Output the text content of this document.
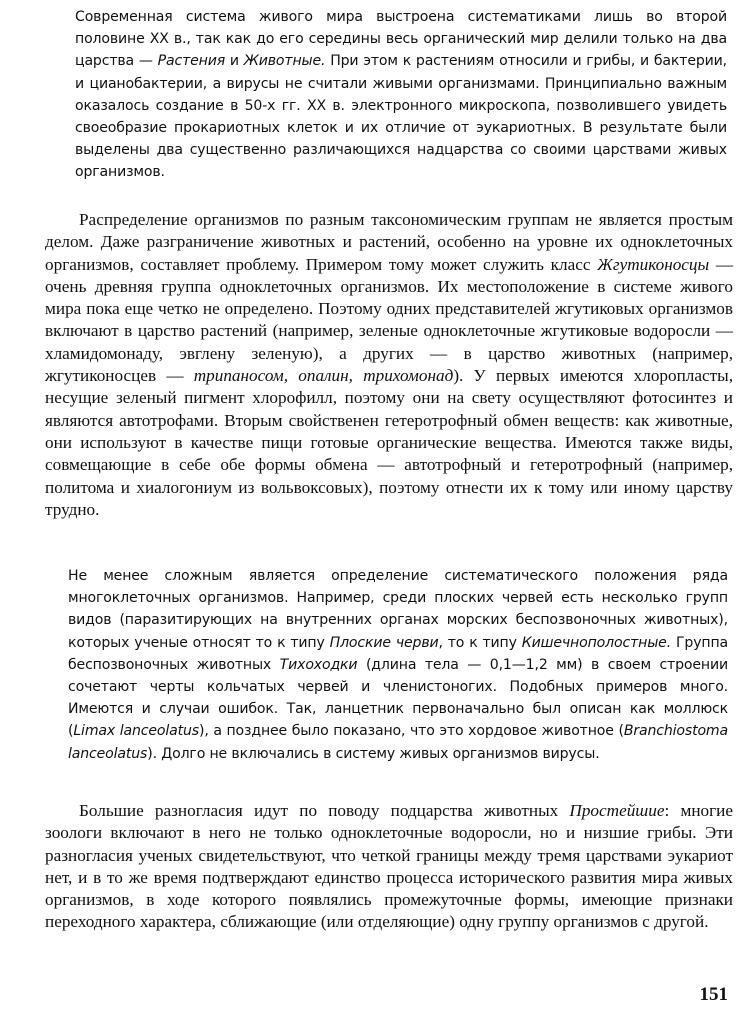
Современная система живого мира выстроена систематиками лишь во второй половине XX в., так как до его середины весь органический мир делили только на два царства — Растения и Животные. При этом к растениям относили и грибы, и бактерии, и цианобактерии, а вирусы не считали живыми организмами. Принципиально важным оказалось создание в 50-х гг. XX в. электронного микроскопа, позволившего увидеть своеобразие прокариотных клеток и их отличие от эукариотных. В результате были выделены два существенно различающихся надцарства со своими царствами живых организмов.

Распределение организмов по разным таксономическим группам не является простым делом. Даже разграничение животных и растений, особенно на уровне их одноклеточных организмов, составляет проблему. Примером тому может служить класс Жгутиконосцы — очень древняя группа одноклеточных организмов. Их местоположение в системе живого мира пока еще четко не определено. Поэтому одних представителей жгутиковых организмов включают в царство растений (например, зеленые одноклеточные жгутиковые водоросли — хламидомонаду, эвглену зеленую), а других — в царство животных (например, жгутиконосцев — трипаносом, опалин, трихомонад). У первых имеются хлоропласты, несущие зеленый пигмент хлорофилл, поэтому они на свету осуществляют фотосинтез и являются автотрофами. Вторым свойственен гетеротрофный обмен веществ: как животные, они используют в качестве пищи готовые органические вещества. Имеются также виды, совмещающие в себе обе формы обмена — автотрофный и гетеротрофный (например, политома и хиалогониум из вольвоксовых), поэтому отнести их к тому или иному царству трудно.

Не менее сложным является определение систематического положения ряда многоклеточных организмов. Например, среди плоских червей есть несколько групп видов (паразитирующих на внутренних органах морских беспозвоночных животных), которых ученые относят то к типу Плоские черви, то к типу Кишечнополостные. Группа беспозвоночных животных Тихоходки (длина тела — 0,1—1,2 мм) в своем строении сочетают черты кольчатых червей и членистоногих. Подобных примеров много. Имеются и случаи ошибок. Так, ланцетник первоначально был описан как моллюск (Limax lanceolatus), а позднее было показано, что это хордовое животное (Branchiostoma lanceolatus). Долго не включались в систему живых организмов вирусы.

Большие разногласия идут по поводу подцарства животных Простейшие: многие зоологи включают в него не только одноклеточные водоросли, но и низшие грибы. Эти разногласия ученых свидетельствуют, что четкой границы между тремя царствами эукариот нет, и в то же время подтверждают единство процесса исторического развития мира живых организмов, в ходе которого появлялись промежуточные формы, имеющие признаки переходного характера, сближающие (или отделяющие) одну группу организмов с другой.

151
